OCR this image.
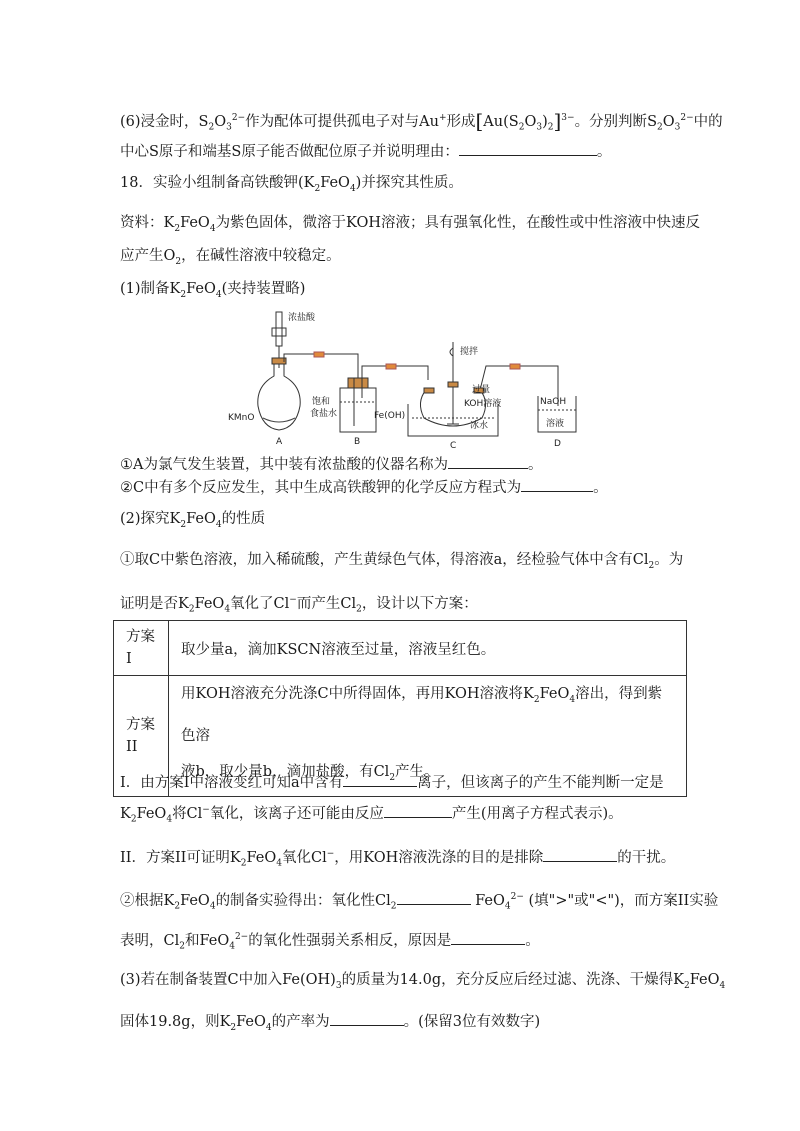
(6)浸金时，$S_2O_3^{2-}$作为配体可提供孤电子对与Au+形成$[Au(S_2O_3)_2]^{3-}$。分别判断$S_2O_3^{2-}$中的
中心S原子和端基S原子能否做配位原子并说明理由：	。
18．实验小组制备高铁酸钾$(K_2FeO_4)$并探究其性质。
资料：$K_2FeO_4$为紫色固体，微溶于KOH溶液；具有强氧化性，在酸性或中性溶液中快速反
应产生$O_2$，在碱性溶液中较稳定。
(1)制备$K_2FeO_4$(夹持装置略)
浓盐酸
搅拌
KMnO
饱和
食盐水	Fe(OH)
过量
KOH溶液
冰水
NaOH
溶液
A	B	C	D
①A为氯气发生装置，其中装有浓盐酸的仪器名称为	。
②C中有多个反应发生，其中生成高铁酸钾的化学反应方程式为	。
(2)探究$K_2FeO_4$的性质
①取C中紫色溶液，加入稀硫酸，产生黄绿色气体，得溶液a，经检验气体中含有$Cl_2$。为
证明是否$K_2FeO_4$氧化了Cl−而产生$Cl_2$，设计以下方案：
方案
I	取少量a，滴加KSCN溶液至过量，溶液呈红色。
方案
II	用KOH溶液充分洗涤C中所得固体，再用KOH溶液将$K_2FeO_4$溶出，得到紫色溶
液b，取少量b，滴加盐酸，有$Cl_2$产生。
I．由方案I中溶液变红可知a中含有	离子，但该离子的产生不能判断一定是
$K_2FeO_4$将Cl−氧化，该离子还可能由反应	产生(用离子方程式表示)。
II．方案II可证明$K_2FeO_4$氧化Cl−，用KOH溶液洗涤的目的是排除	的干扰。
②根据$K_2FeO_4$的制备实验得出：氧化性$Cl_2$	FeO$_4^{2-}$ (填">"或"<")，而方案II实验
表明，$Cl_2$和FeO$_4^{2-}$的氧化性强弱关系相反，原因是	。
(3)若在制备装置C中加入$Fe(OH)_3$的质量为14.0g，充分反应后经过滤、洗涤、干燥得$K_2FeO_4$
固体19.8g，则$K_2FeO_4$的产率为	。(保留3位有效数字)
